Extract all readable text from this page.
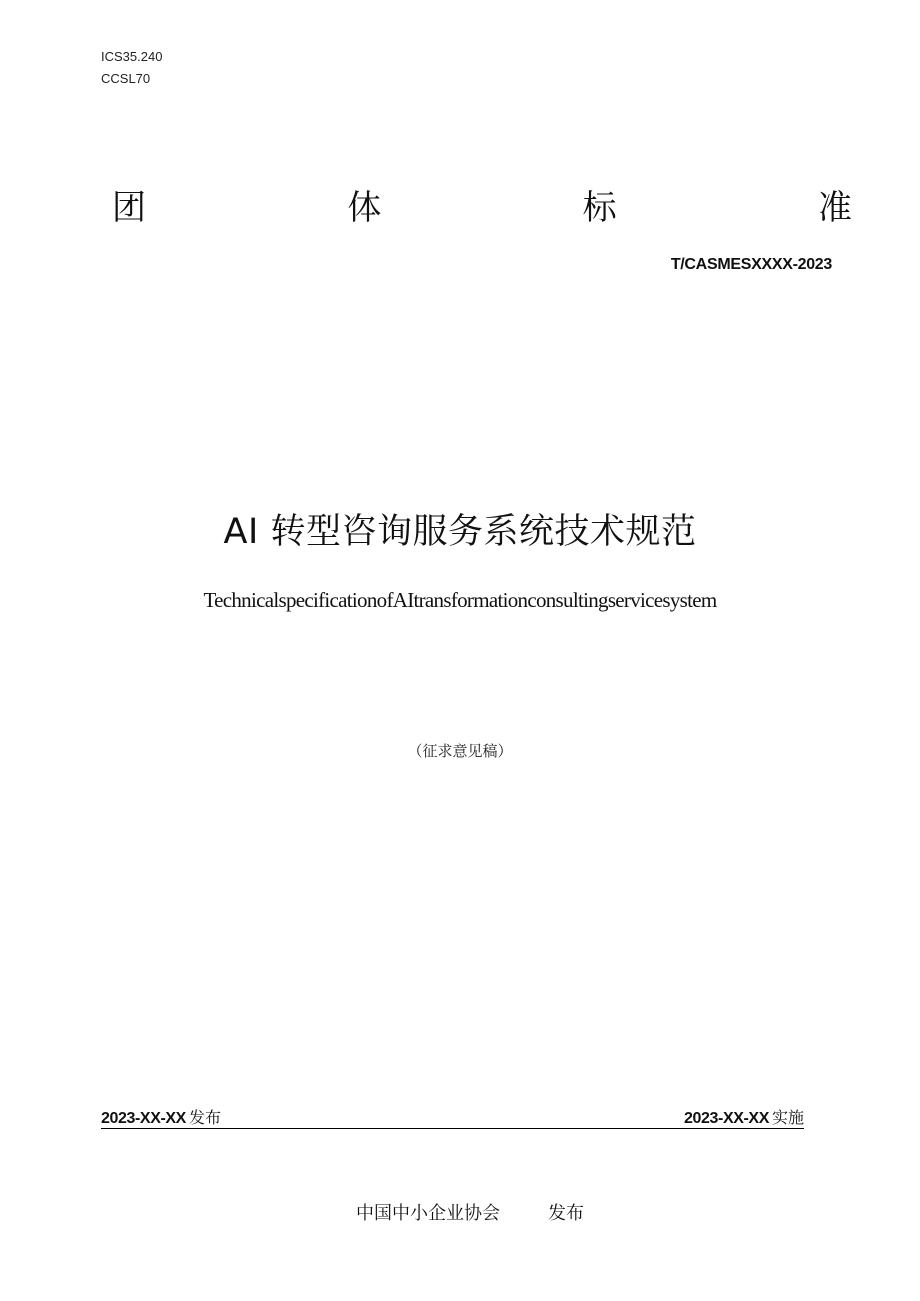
ICS35.240
CCSL70
团	体	标	准
T/CASMESXXXX-2023
AI 转型咨询服务系统技术规范
TechnicalspecificationofAItransformationconsultingservicesystem
（征求意见稿）
2023-XX-XX 发布	2023-XX-XX 实施
中国中小企业协会	发布
